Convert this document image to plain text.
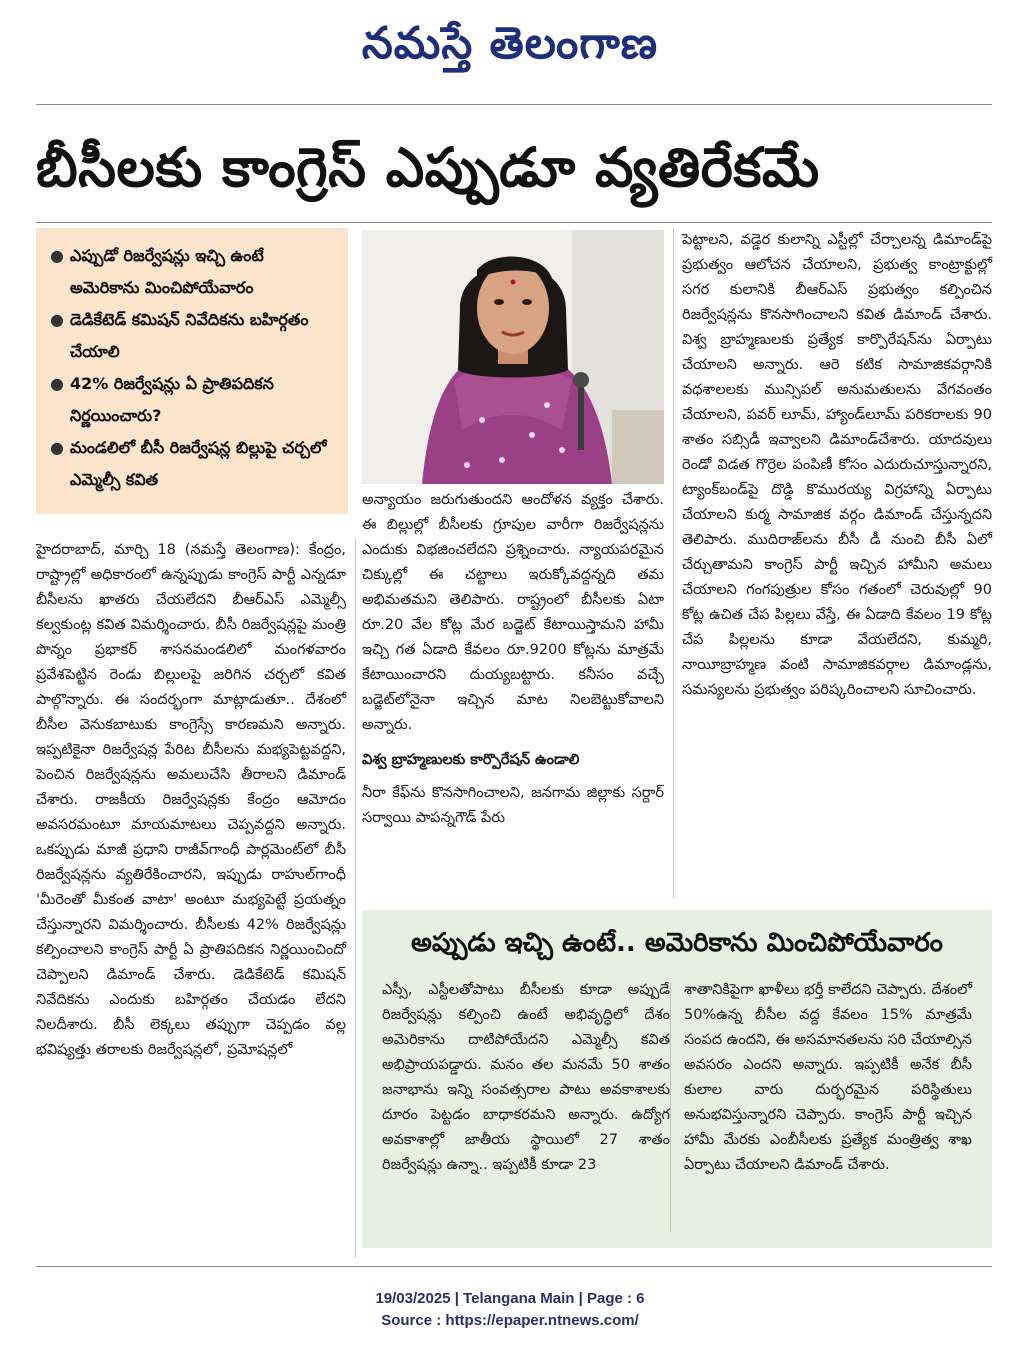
నమస్తే తెలంగాణ
బీసీలకు కాంగ్రెస్ ఎప్పుడూ వ్యతిరేకమే
● ఎప్పుడో రిజర్వేషన్లు ఇచ్చి ఉంటే అమెరికాను మించిపోయేవారం
● డెడికేటెడ్ కమిషన్ నివేదికను బహిర్గతం చేయాలి
● 42% రిజర్వేషన్లు ఏ ప్రాతిపదికన నిర్ణయించారు?
● మండలిలో బీసీ రిజర్వేషన్ల బిల్లుపై చర్చలో ఎమ్మెల్సీ కవిత

హైదరాబాద్, మార్చి 18 (నమస్తే తెలంగాణ): కేంద్రం, రాష్ట్రాల్లో అధికారంలో ఉన్నప్పుడు కాంగ్రెస్ పార్టీ ఎన్నడూ బీసీలను ఖాతరు చేయలేదని బీఆర్ఎస్ ఎమ్మెల్సీ కల్వకుంట్ల కవిత విమర్శించారు. బీసీ రిజర్వేషన్లపై మంత్రి పొన్నం ప్రభాకర్ శాసనమండలిలో మంగళవారం ప్రవేశపెట్టిన రెండు బిల్లులపై జరిగిన చర్చలో కవిత పాల్గొన్నారు. ఈ సందర్భంగా మాట్లాడుతూ.. దేశంలో బీసీల వెనుకబాటుకు కాంగ్రెస్సే కారణమని అన్నారు. ఇప్పటికైనా రిజర్వేషన్ల పేరిట బీసీలను మభ్యపెట్టవద్దని, పెంచిన రిజర్వేషన్లను అమలుచేసి తీరాలని డిమాండ్ చేశారు. రాజకీయ రిజర్వేషన్లకు కేంద్రం ఆమోదం అవసరమంటూ మాయమాటలు చెప్పవద్దని అన్నారు. ఒకప్పుడు మాజీ ప్రధాని రాజీవ్‌గాంధీ పార్లమెంట్‌లో బీసీ రిజర్వేషన్లను వ్యతిరేకించారని, ఇప్పుడు రాహుల్‌గాంధీ 'మీరెంతో మీకంత వాటా' అంటూ మభ్యపెట్టే ప్రయత్నం చేస్తున్నారని విమర్శించారు. బీసీలకు 42% రిజర్వేషన్లు కల్పించాలని కాంగ్రెస్ పార్టీ ఏ ప్రాతిపదికన నిర్ణయించిందో చెప్పాలని డిమాండ్ చేశారు. డెడికేటెడ్ కమిషన్ నివేదికను ఎందుకు బహిర్గతం చేయడం లేదని నిలదీశారు. బీసీ లెక్కలు తప్పుగా చెప్పడం వల్ల భవిష్యత్తు తరాలకు రిజర్వేషన్లలో, ప్రమోషన్లలో

అన్యాయం జరుగుతుందని ఆందోళన వ్యక్తం చేశారు. ఈ బిల్లుల్లో బీసీలకు గ్రూపుల వారీగా రిజర్వేషన్లను ఎందుకు విభజించలేదని ప్రశ్నించారు. న్యాయపరమైన చిక్కుల్లో ఈ చట్టాలు ఇరుక్కోవద్దన్నది తమ అభిమతమని తెలిపారు. రాష్ట్రంలో బీసీలకు ఏటా రూ.20 వేల కోట్ల మేర బడ్జెట్ కేటాయిస్తామని హామీ ఇచ్చి గత ఏడాది కేవలం రూ.9200 కోట్లను మాత్రమే కేటాయించారని దుయ్యబట్టారు. కనీసం వచ్చే బడ్జెట్‌లోనైనా ఇచ్చిన మాట నిలబెట్టుకోవాలని అన్నారు.

విశ్వ బ్రాహ్మణులకు కార్పొరేషన్ ఉండాలి

నీరా కేఫ్‌ను కొనసాగించాలని, జనగామ జిల్లాకు సర్దార్ సర్వాయి పాపన్నగౌడ్ పేరు

పెట్టాలని, వడ్డెర కులాన్ని ఎస్టీల్లో చేర్చాలన్న డిమాండ్‌పై ప్రభుత్వం ఆలోచన చేయాలని, ప్రభుత్వ కాంట్రాక్టుల్లో సగర కులానికి బీఆర్ఎస్ ప్రభుత్వం కల్పించిన రిజర్వేషన్లను కొనసాగించాలని కవిత డిమాండ్ చేశారు. విశ్వ బ్రాహ్మణులకు ప్రత్యేక కార్పొరేషన్‌ను ఏర్పాటు చేయాలని అన్నారు. ఆరె కటిక సామాజికవర్గానికి వధశాలలకు మున్సిపల్ అనుమతులను వేగవంతం చేయాలని, పవర్ లూమ్, హ్యాండ్‌లూమ్ పరికరాలకు 90 శాతం సబ్సిడీ ఇవ్వాలని డిమాండ్‌చేశారు. యాదవులు రెండో విడత గొర్రెల పంపిణీ కోసం ఎదురుచూస్తున్నారని, ట్యాంక్‌బండ్‌పై దొడ్డి కొమురయ్య విగ్రహాన్ని ఏర్పాటు చేయాలని కుర్మ సామాజిక వర్గం డిమాండ్ చేస్తున్నదని తెలిపారు. ముదిరాజ్‌లను బీసీ డీ నుంచి బీసీ ఏలో చేర్చుతామని కాంగ్రెస్ పార్టీ ఇచ్చిన హామీని అమలు చేయాలని గంగపుత్రుల కోసం గతంలో చెరువుల్లో 90 కోట్ల ఉచిత చేప పిల్లలు వేస్తే, ఈ ఏడాది కేవలం 19 కోట్ల చేప పిల్లలను కూడా వేయలేదని, కుమ్మరి, నాయీబ్రాహ్మణ వంటి సామాజికవర్గాల డిమాండ్లను, సమస్యలను ప్రభుత్వం పరిష్కరించాలని సూచించారు.

అప్పుడు ఇచ్చి ఉంటే.. అమెరికాను మించిపోయేవారం
ఎస్సీ, ఎస్టీలతోపాటు బీసీలకు కూడా అప్పుడే రిజర్వేషన్లు కల్పించి ఉంటే అభివృద్ధిలో దేశం అమెరికాను దాటిపోయేదని ఎమ్మెల్సీ కవిత అభిప్రాయపడ్డారు. మనం తల మనమే 50 శాతం జనాభాను ఇన్ని సంవత్సరాల పాటు అవకాశాలకు దూరం పెట్టడం బాధాకరమని అన్నారు. ఉద్యోగ అవకాశాల్లో జాతీయ స్థాయిలో 27 శాతం రిజర్వేషన్లు ఉన్నా.. ఇప్పటికీ కూడా 23
శాతానికిపైగా ఖాళీలు భర్తీ కాలేదని చెప్పారు. దేశంలో 50%ఉన్న బీసీల వద్ద కేవలం 15% మాత్రమే సంపద ఉందని, ఈ అసమానతలను సరి చేయాల్సిన అవసరం ఎందని అన్నారు. ఇప్పటికీ అనేక బీసీ కులాల వారు దుర్భరమైన పరిస్థితులు అనుభవిస్తున్నారని చెప్పారు. కాంగ్రెస్ పార్టీ ఇచ్చిన హామీ మేరకు ఎంబీసీలకు ప్రత్యేక మంత్రిత్వ శాఖ ఏర్పాటు చేయాలని డిమాండ్ చేశారు.
19/03/2025 | Telangana Main | Page : 6
Source : https://epaper.ntnews.com/
